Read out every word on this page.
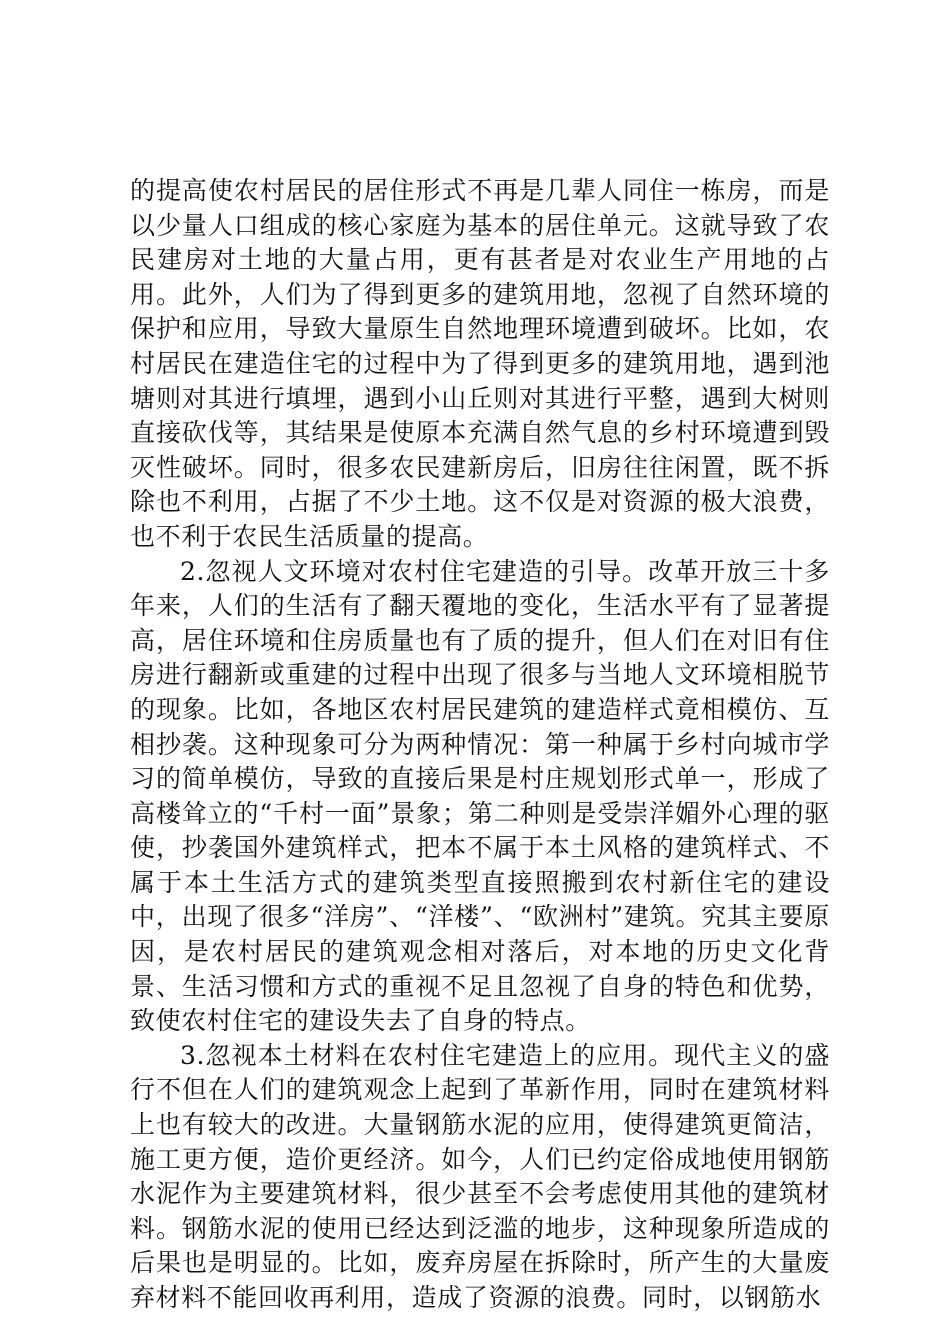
的提高使农村居民的居住形式不再是几辈人同住一栋房，而是以少量人口组成的核心家庭为基本的居住单元。这就导致了农民建房对土地的大量占用，更有甚者是对农业生产用地的占用。此外，人们为了得到更多的建筑用地，忽视了自然环境的保护和应用，导致大量原生自然地理环境遭到破坏。比如，农村居民在建造住宅的过程中为了得到更多的建筑用地，遇到池塘则对其进行填埋，遇到小山丘则对其进行平整，遇到大树则直接砍伐等，其结果是使原本充满自然气息的乡村环境遭到毁灭性破坏。同时，很多农民建新房后，旧房往往闲置，既不拆除也不利用，占据了不少土地。这不仅是对资源的极大浪费，也不利于农民生活质量的提高。

2.忽视人文环境对农村住宅建造的引导。改革开放三十多年来，人们的生活有了翻天覆地的变化，生活水平有了显著提高，居住环境和住房质量也有了质的提升，但人们在对旧有住房进行翻新或重建的过程中出现了很多与当地人文环境相脱节的现象。比如，各地区农村居民建筑的建造样式竟相模仿、互相抄袭。这种现象可分为两种情况：第一种属于乡村向城市学习的简单模仿，导致的直接后果是村庄规划形式单一，形成了高楼耸立的“千村一面”景象；第二种则是受崇洋媚外心理的驱使，抄袭国外建筑样式，把本不属于本土风格的建筑样式、不属于本土生活方式的建筑类型直接照搬到农村新住宅的建设中，出现了很多“洋房”、“洋楼”、“欧洲村”建筑。究其主要原因，是农村居民的建筑观念相对落后，对本地的历史文化背景、生活习惯和方式的重视不足且忽视了自身的特色和优势，致使农村住宅的建设失去了自身的特点。

3.忽视本土材料在农村住宅建造上的应用。现代主义的盛行不但在人们的建筑观念上起到了革新作用，同时在建筑材料上也有较大的改进。大量钢筋水泥的应用，使得建筑更简洁，施工更方便，造价更经济。如今，人们已约定俗成地使用钢筋水泥作为主要建筑材料，很少甚至不会考虑使用其他的建筑材料。钢筋水泥的使用已经达到泛滥的地步，这种现象所造成的后果也是明显的。比如，废弃房屋在拆除时，所产生的大量废弃材料不能回收再利用，造成了资源的浪费。同时，以钢筋水
